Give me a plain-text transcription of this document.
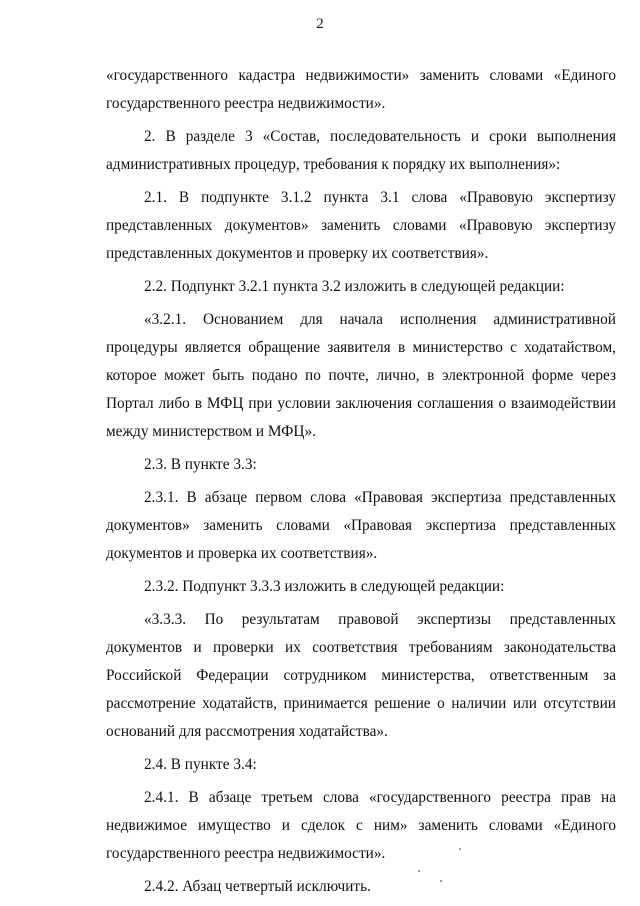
2

«государственного кадастра недвижимости» заменить словами «Единого государственного реестра недвижимости».

2. В разделе 3 «Состав, последовательность и сроки выполнения административных процедур, требования к порядку их выполнения»:

2.1. В подпункте 3.1.2 пункта 3.1 слова «Правовую экспертизу представленных документов» заменить словами «Правовую экспертизу представленных документов и проверку их соответствия».

2.2. Подпункт 3.2.1 пункта 3.2 изложить в следующей редакции:

«3.2.1. Основанием для начала исполнения административной процедуры является обращение заявителя в министерство с ходатайством, которое может быть подано по почте, лично, в электронной форме через Портал либо в МФЦ при условии заключения соглашения о взаимодействии между министерством и МФЦ».

2.3. В пункте 3.3:

2.3.1. В абзаце первом слова «Правовая экспертиза представленных документов» заменить словами «Правовая экспертиза представленных документов и проверка их соответствия».

2.3.2. Подпункт 3.3.3 изложить в следующей редакции:

«3.3.3. По результатам правовой экспертизы представленных документов и проверки их соответствия требованиям законодательства Российской Федерации сотрудником министерства, ответственным за рассмотрение ходатайств, принимается решение о наличии или отсутствии оснований для рассмотрения ходатайства».

2.4. В пункте 3.4:

2.4.1. В абзаце третьем слова «государственного реестра прав на недвижимое имущество и сделок с ним» заменить словами «Единого государственного реестра недвижимости».

2.4.2. Абзац четвертый исключить.
